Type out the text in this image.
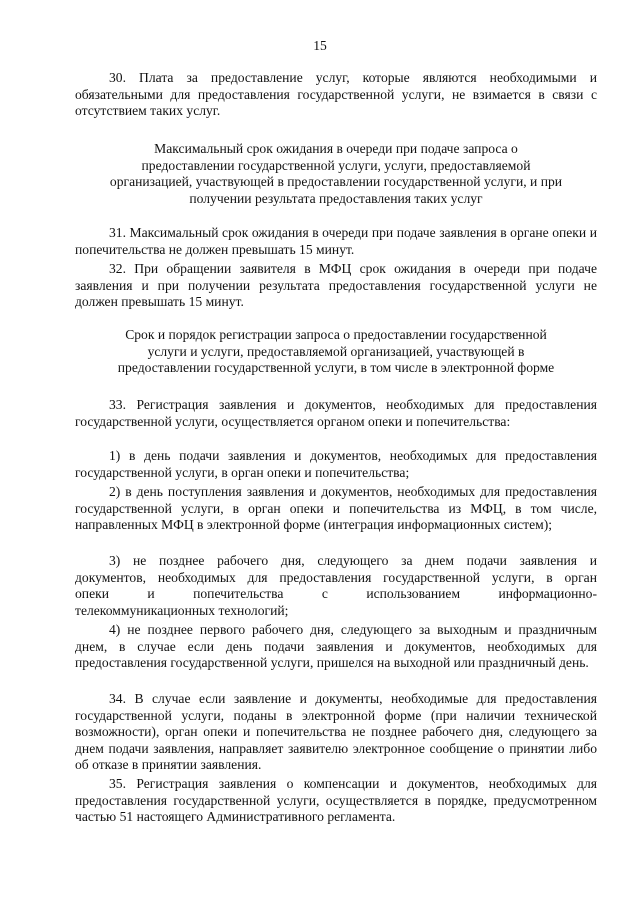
15

30. Плата за предоставление услуг, которые являются необходимыми и обязательными для предоставления государственной услуги, не взимается в связи с отсутствием таких услуг.

Максимальный срок ожидания в очереди при подаче запроса о

предоставлении государственной услуги, услуги, предоставляемой

организацией, участвующей в предоставлении государственной услуги, и при

получении результата предоставления таких услуг

31. Максимальный срок ожидания в очереди при подаче заявления в органе опеки и попечительства не должен превышать 15 минут.

32. При обращении заявителя в МФЦ срок ожидания в очереди при подаче заявления и при получении результата предоставления государственной услуги не должен превышать 15 минут.

Срок и порядок регистрации запроса о предоставлении государственной

услуги и услуги, предоставляемой организацией, участвующей в

предоставлении государственной услуги, в том числе в электронной форме

33. Регистрация заявления и документов, необходимых для предоставления государственной услуги, осуществляется органом опеки и попечительства:

1) в день подачи заявления и документов, необходимых для предоставления государственной услуги, в орган опеки и попечительства;

2) в день поступления заявления и документов, необходимых для предоставления государственной услуги, в орган опеки и попечительства из МФЦ, в том числе, направленных МФЦ в электронной форме (интеграция информационных систем);

3) не позднее рабочего дня, следующего за днем подачи заявления и

документов, необходимых для предоставления государственной услуги, в орган

опеки и попечительства с использованием информационно-

телекоммуникационных технологий;

4) не позднее первого рабочего дня, следующего за выходным и праздничным днем, в случае если день подачи заявления и документов, необходимых для предоставления государственной услуги, пришелся на выходной или праздничный день.

34. В случае если заявление и документы, необходимые для предоставления государственной услуги, поданы в электронной форме (при наличии технической возможности), орган опеки и попечительства не позднее рабочего дня, следующего за днем подачи заявления, направляет заявителю электронное сообщение о принятии либо об отказе в принятии заявления.

35. Регистрация заявления о компенсации и документов, необходимых для предоставления государственной услуги, осуществляется в порядке, предусмотренном частью 51 настоящего Административного регламента.
